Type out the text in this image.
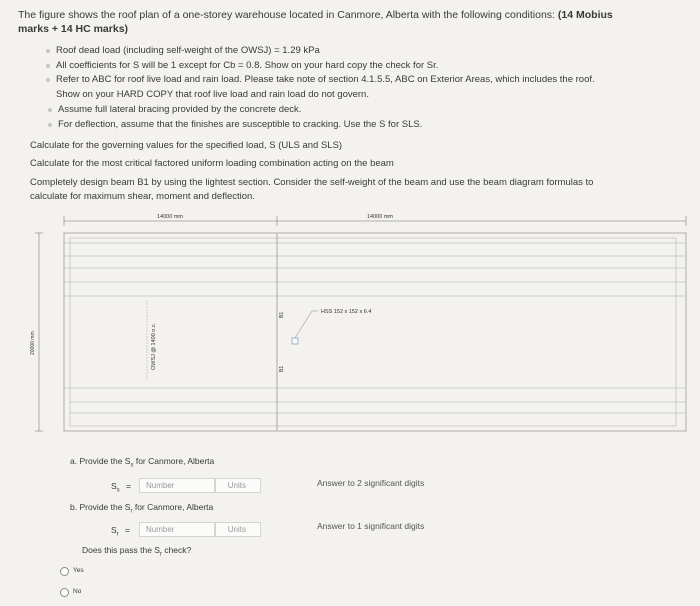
The figure shows the roof plan of a one-storey warehouse located in Canmore, Alberta with the following conditions: (14 Mobius
marks + 14 HC marks)
Roof dead load (including self-weight of the OWSJ) = 1.29 kPa
All coefficients for S will be 1 except for Cb = 0.8. Show on your hard copy the check for Sr.
Refer to ABC for roof live load and rain load. Please take note of section 4.1.5.5, ABC on Exterior Areas, which includes the roof.
Show on your HARD COPY that roof live load and rain load do not govern.
Assume full lateral bracing provided by the concrete deck.
For deflection, assume that the finishes are susceptible to cracking. Use the S for SLS.
Calculate for the governing values for the specified load, S (ULS and SLS)
Calculate for the most critical factored uniform loading combination acting on the beam
Completely design beam B1 by using the lightest section. Consider the self-weight of the beam and use the beam diagram formulas to
calculate for maximum shear, moment and deflection.
14000 mm	14000 mm
20000 mm	OWSJ @ 1400 o.c.
B1
B1
HSS 152 x 152 x 6.4
a. Provide the $S_s$ for Canmore, Alberta
$S_s$ =	Number	Units	Answer to 2 significant digits
b. Provide the $S_r$ for Canmore, Alberta
$S_r$ =	Number	Units	Answer to 1 significant digits
Does this pass the $S_r$ check?
Yes
No
